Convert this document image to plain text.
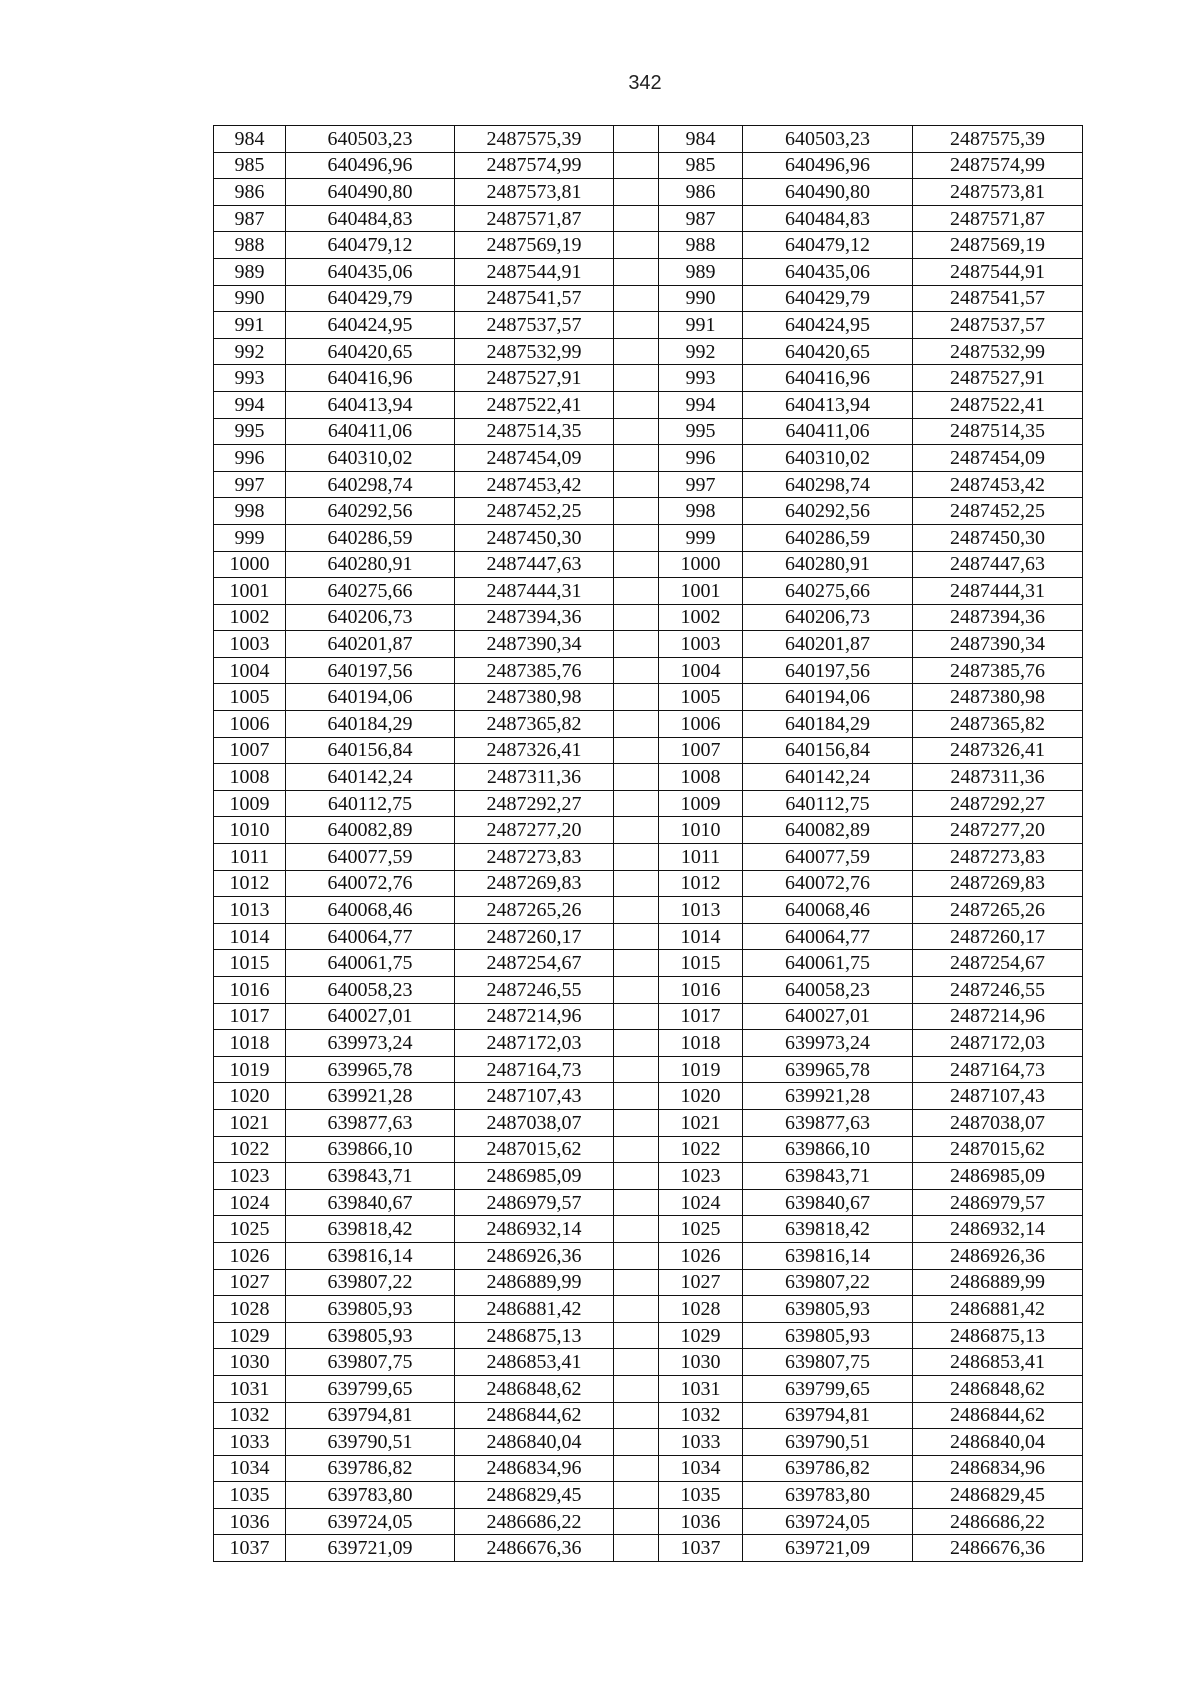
342
984	640503,23	2487575,39		984	640503,23	2487575,39
985	640496,96	2487574,99		985	640496,96	2487574,99
986	640490,80	2487573,81		986	640490,80	2487573,81
987	640484,83	2487571,87		987	640484,83	2487571,87
988	640479,12	2487569,19		988	640479,12	2487569,19
989	640435,06	2487544,91		989	640435,06	2487544,91
990	640429,79	2487541,57		990	640429,79	2487541,57
991	640424,95	2487537,57		991	640424,95	2487537,57
992	640420,65	2487532,99		992	640420,65	2487532,99
993	640416,96	2487527,91		993	640416,96	2487527,91
994	640413,94	2487522,41		994	640413,94	2487522,41
995	640411,06	2487514,35		995	640411,06	2487514,35
996	640310,02	2487454,09		996	640310,02	2487454,09
997	640298,74	2487453,42		997	640298,74	2487453,42
998	640292,56	2487452,25		998	640292,56	2487452,25
999	640286,59	2487450,30		999	640286,59	2487450,30
1000	640280,91	2487447,63		1000	640280,91	2487447,63
1001	640275,66	2487444,31		1001	640275,66	2487444,31
1002	640206,73	2487394,36		1002	640206,73	2487394,36
1003	640201,87	2487390,34		1003	640201,87	2487390,34
1004	640197,56	2487385,76		1004	640197,56	2487385,76
1005	640194,06	2487380,98		1005	640194,06	2487380,98
1006	640184,29	2487365,82		1006	640184,29	2487365,82
1007	640156,84	2487326,41		1007	640156,84	2487326,41
1008	640142,24	2487311,36		1008	640142,24	2487311,36
1009	640112,75	2487292,27		1009	640112,75	2487292,27
1010	640082,89	2487277,20		1010	640082,89	2487277,20
1011	640077,59	2487273,83		1011	640077,59	2487273,83
1012	640072,76	2487269,83		1012	640072,76	2487269,83
1013	640068,46	2487265,26		1013	640068,46	2487265,26
1014	640064,77	2487260,17		1014	640064,77	2487260,17
1015	640061,75	2487254,67		1015	640061,75	2487254,67
1016	640058,23	2487246,55		1016	640058,23	2487246,55
1017	640027,01	2487214,96		1017	640027,01	2487214,96
1018	639973,24	2487172,03		1018	639973,24	2487172,03
1019	639965,78	2487164,73		1019	639965,78	2487164,73
1020	639921,28	2487107,43		1020	639921,28	2487107,43
1021	639877,63	2487038,07		1021	639877,63	2487038,07
1022	639866,10	2487015,62		1022	639866,10	2487015,62
1023	639843,71	2486985,09		1023	639843,71	2486985,09
1024	639840,67	2486979,57		1024	639840,67	2486979,57
1025	639818,42	2486932,14		1025	639818,42	2486932,14
1026	639816,14	2486926,36		1026	639816,14	2486926,36
1027	639807,22	2486889,99		1027	639807,22	2486889,99
1028	639805,93	2486881,42		1028	639805,93	2486881,42
1029	639805,93	2486875,13		1029	639805,93	2486875,13
1030	639807,75	2486853,41		1030	639807,75	2486853,41
1031	639799,65	2486848,62		1031	639799,65	2486848,62
1032	639794,81	2486844,62		1032	639794,81	2486844,62
1033	639790,51	2486840,04		1033	639790,51	2486840,04
1034	639786,82	2486834,96		1034	639786,82	2486834,96
1035	639783,80	2486829,45		1035	639783,80	2486829,45
1036	639724,05	2486686,22		1036	639724,05	2486686,22
1037	639721,09	2486676,36		1037	639721,09	2486676,36
